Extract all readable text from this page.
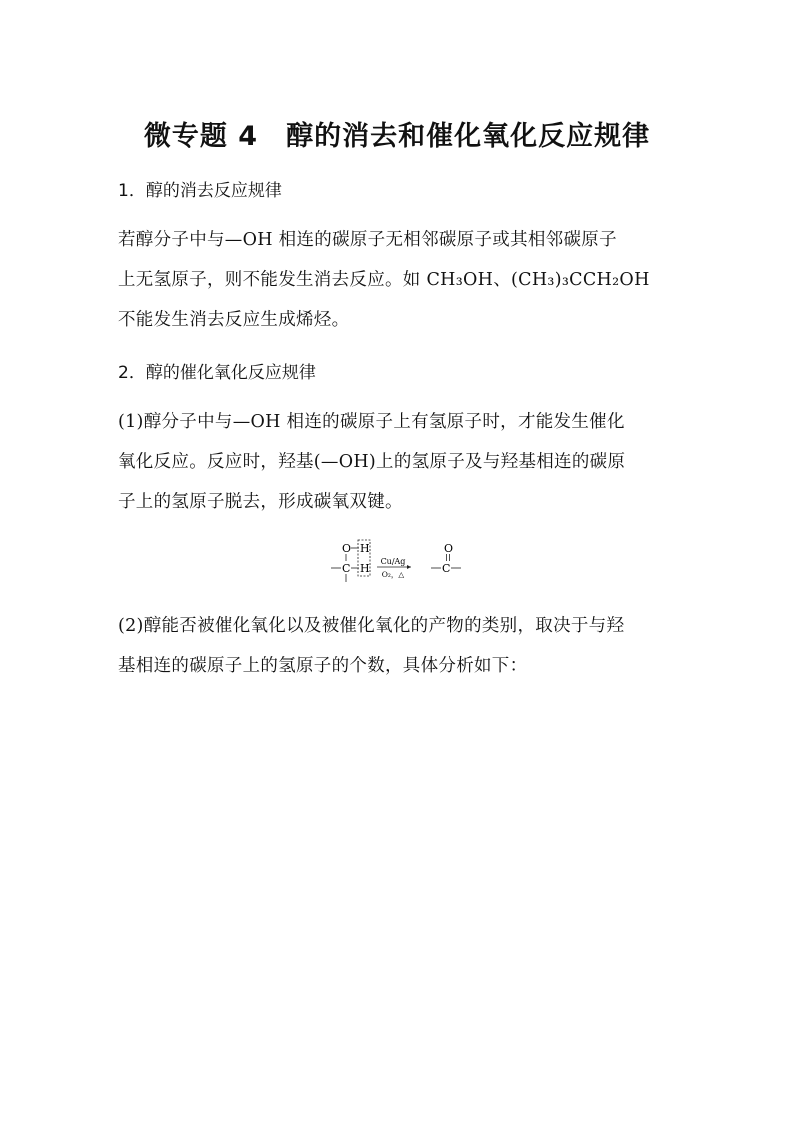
微专题 4　醇的消去和催化氧化反应规律
1．醇的消去反应规律
若醇分子中与—OH 相连的碳原子无相邻碳原子或其相邻碳原子
上无氢原子，则不能发生消去反应。如 CH₃OH、(CH₃)₃CCH₂OH
不能发生消去反应生成烯烃。
2．醇的催化氧化反应规律
(1)醇分子中与—OH 相连的碳原子上有氢原子时，才能发生催化
氧化反应。反应时，羟基(—OH)上的氢原子及与羟基相连的碳原
子上的氢原子脱去，形成碳氧双键。
O H
C H
Cu/Ag
O₂，△
O
C
(2)醇能否被催化氧化以及被催化氧化的产物的类别，取决于与羟
基相连的碳原子上的氢原子的个数，具体分析如下：
